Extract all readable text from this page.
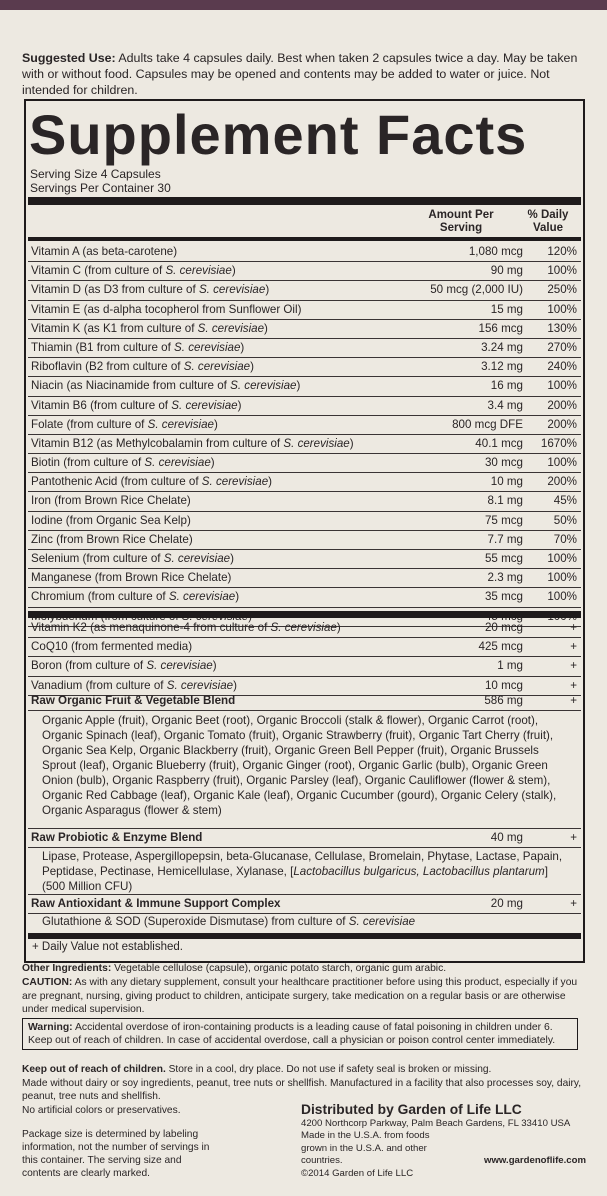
Suggested Use: Adults take 4 capsules daily. Best when taken 2 capsules twice a day. May be taken with or without food. Capsules may be opened and contents may be added to water or juice. Not intended for children.
Supplement Facts
Serving Size 4 Capsules
Servings Per Container 30
Amount Per Serving
% Daily Value
Vitamin A (as beta-carotene)	1,080 mcg 120%
Vitamin C (from culture of S. cerevisiae)	90 mg 100%
Vitamin D (as D3 from culture of S. cerevisiae)	50 mcg (2,000 IU) 250%
Vitamin E (as d-alpha tocopherol from Sunflower Oil)	15 mg 100%
Vitamin K (as K1 from culture of S. cerevisiae)	156 mcg 130%
Thiamin (B1 from culture of S. cerevisiae)	3.24 mg 270%
Riboflavin (B2 from culture of S. cerevisiae)	3.12 mg 240%
Niacin (as Niacinamide from culture of S. cerevisiae)	16 mg 100%
Vitamin B6 (from culture of S. cerevisiae)	3.4 mg 200%
Folate (from culture of S. cerevisiae)	800 mcg DFE 200%
Vitamin B12 (as Methylcobalamin from culture of S. cerevisiae)	40.1 mcg 1670%
Biotin (from culture of S. cerevisiae)	30 mcg 100%
Pantothenic Acid (from culture of S. cerevisiae)	10 mg 200%
Iron (from Brown Rice Chelate)	8.1 mg	45%
Iodine (from Organic Sea Kelp)	75 mcg	50%
Zinc (from Brown Rice Chelate)	7.7 mg	70%
Selenium (from culture of S. cerevisiae)	55 mcg 100%
Manganese (from Brown Rice Chelate)	2.3 mg 100%
Chromium (from culture of S. cerevisiae)	35 mcg 100%
Vitamin K2 (as menaquinone-4 from culture of S. cerevisiae)	20 mcg	+
CoQ10 (from fermented media)	425 mcg	+
Boron (from culture of S. cerevisiae)	1 mg	+
Vanadium (from culture of S. cerevisiae)	10 mcg	+
Raw Organic Fruit & Vegetable Blend	586 mg	+
Organic Apple (fruit), Organic Beet (root), Organic Broccoli (stalk & flower), Organic Carrot (root), Organic Spinach (leaf), Organic Tomato (fruit), Organic Strawberry (fruit), Organic Tart Cherry (fruit), Organic Sea Kelp, Organic Blackberry (fruit), Organic Green Bell Pepper (fruit), Organic Brussels Sprout (leaf), Organic Blueberry (fruit), Organic Ginger (root), Organic Garlic (bulb), Organic Green Onion (bulb), Organic Raspberry (fruit), Organic Parsley (leaf), Organic Cauliflower (flower & stem), Organic Red Cabbage (leaf), Organic Kale (leaf), Organic Cucumber (gourd), Organic Celery (stalk), Organic Asparagus (flower & stem)
Raw Probiotic & Enzyme Blend	40 mg	+
Lipase, Protease, Aspergillopepsin, beta-Glucanase, Cellulase, Bromelain, Phytase, Lactase, Papain, Peptidase, Pectinase, Hemicellulase, Xylanase, [Lactobacillus bulgaricus, Lactobacillus plantarum] (500 Million CFU)
Raw Antioxidant & Immune Support Complex	20 mg	+
Glutathione & SOD (Superoxide Dismutase) from culture of S. cerevisiae
+ Daily Value not established.
Other Ingredients: Vegetable cellulose (capsule), organic potato starch, organic gum arabic.
CAUTION: As with any dietary supplement, consult your healthcare practitioner before using this product, especially if you are pregnant, nursing, giving product to children, anticipate surgery, take medication on a regular basis or are otherwise under medical supervision.
Warning: Accidental overdose of iron-containing products is a leading cause of fatal poisoning in children under 6. Keep out of reach of children. In case of accidental overdose, call a physician or poison control center immediately.
Keep out of reach of children. Store in a cool, dry place. Do not use if safety seal is broken or missing.
Made without dairy or soy ingredients, peanut, tree nuts or shellfish. Manufactured in a facility that also processes soy, dairy, peanut, tree nuts and shellfish.
No artificial colors or preservatives.
Package size is determined by labeling information, not the number of servings in this container. The serving size and contents are clearly marked.
Distributed by Garden of Life LLC
4200 Northcorp Parkway, Palm Beach Gardens, FL 33410 USA
Made in the U.S.A. from foods grown in the U.S.A. and other countries.	www.gardenoflife.com
©2014 Garden of Life LLC
